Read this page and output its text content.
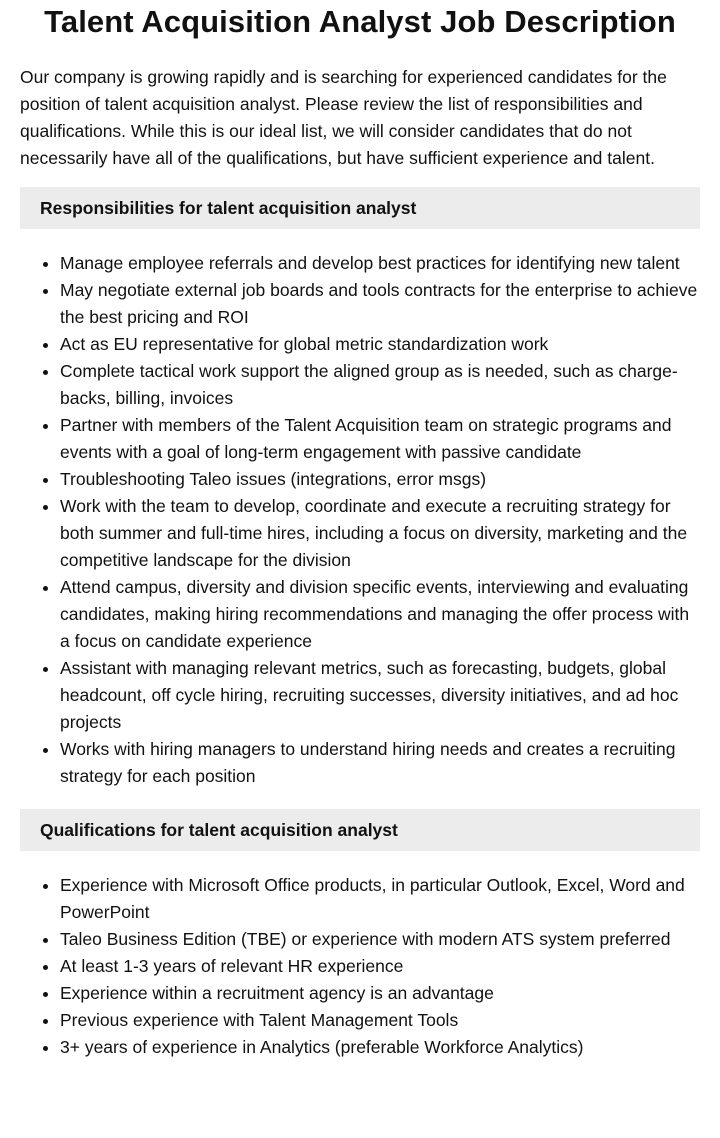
Talent Acquisition Analyst Job Description

Our company is growing rapidly and is searching for experienced candidates for the position of talent acquisition analyst. Please review the list of responsibilities and qualifications. While this is our ideal list, we will consider candidates that do not necessarily have all of the qualifications, but have sufficient experience and talent.

Responsibilities for talent acquisition analyst
• Manage employee referrals and develop best practices for identifying new talent
• May negotiate external job boards and tools contracts for the enterprise to achieve the best pricing and ROI
• Act as EU representative for global metric standardization work
• Complete tactical work support the aligned group as is needed, such as charge-backs, billing, invoices
• Partner with members of the Talent Acquisition team on strategic programs and events with a goal of long-term engagement with passive candidate
• Troubleshooting Taleo issues (integrations, error msgs)
• Work with the team to develop, coordinate and execute a recruiting strategy for both summer and full-time hires, including a focus on diversity, marketing and the competitive landscape for the division
• Attend campus, diversity and division specific events, interviewing and evaluating candidates, making hiring recommendations and managing the offer process with a focus on candidate experience
• Assistant with managing relevant metrics, such as forecasting, budgets, global headcount, off cycle hiring, recruiting successes, diversity initiatives, and ad hoc projects
• Works with hiring managers to understand hiring needs and creates a recruiting strategy for each position
Qualifications for talent acquisition analyst
• Experience with Microsoft Office products, in particular Outlook, Excel, Word and PowerPoint
• Taleo Business Edition (TBE) or experience with modern ATS system preferred
• At least 1-3 years of relevant HR experience
• Experience within a recruitment agency is an advantage
• Previous experience with Talent Management Tools
• 3+ years of experience in Analytics (preferable Workforce Analytics)
